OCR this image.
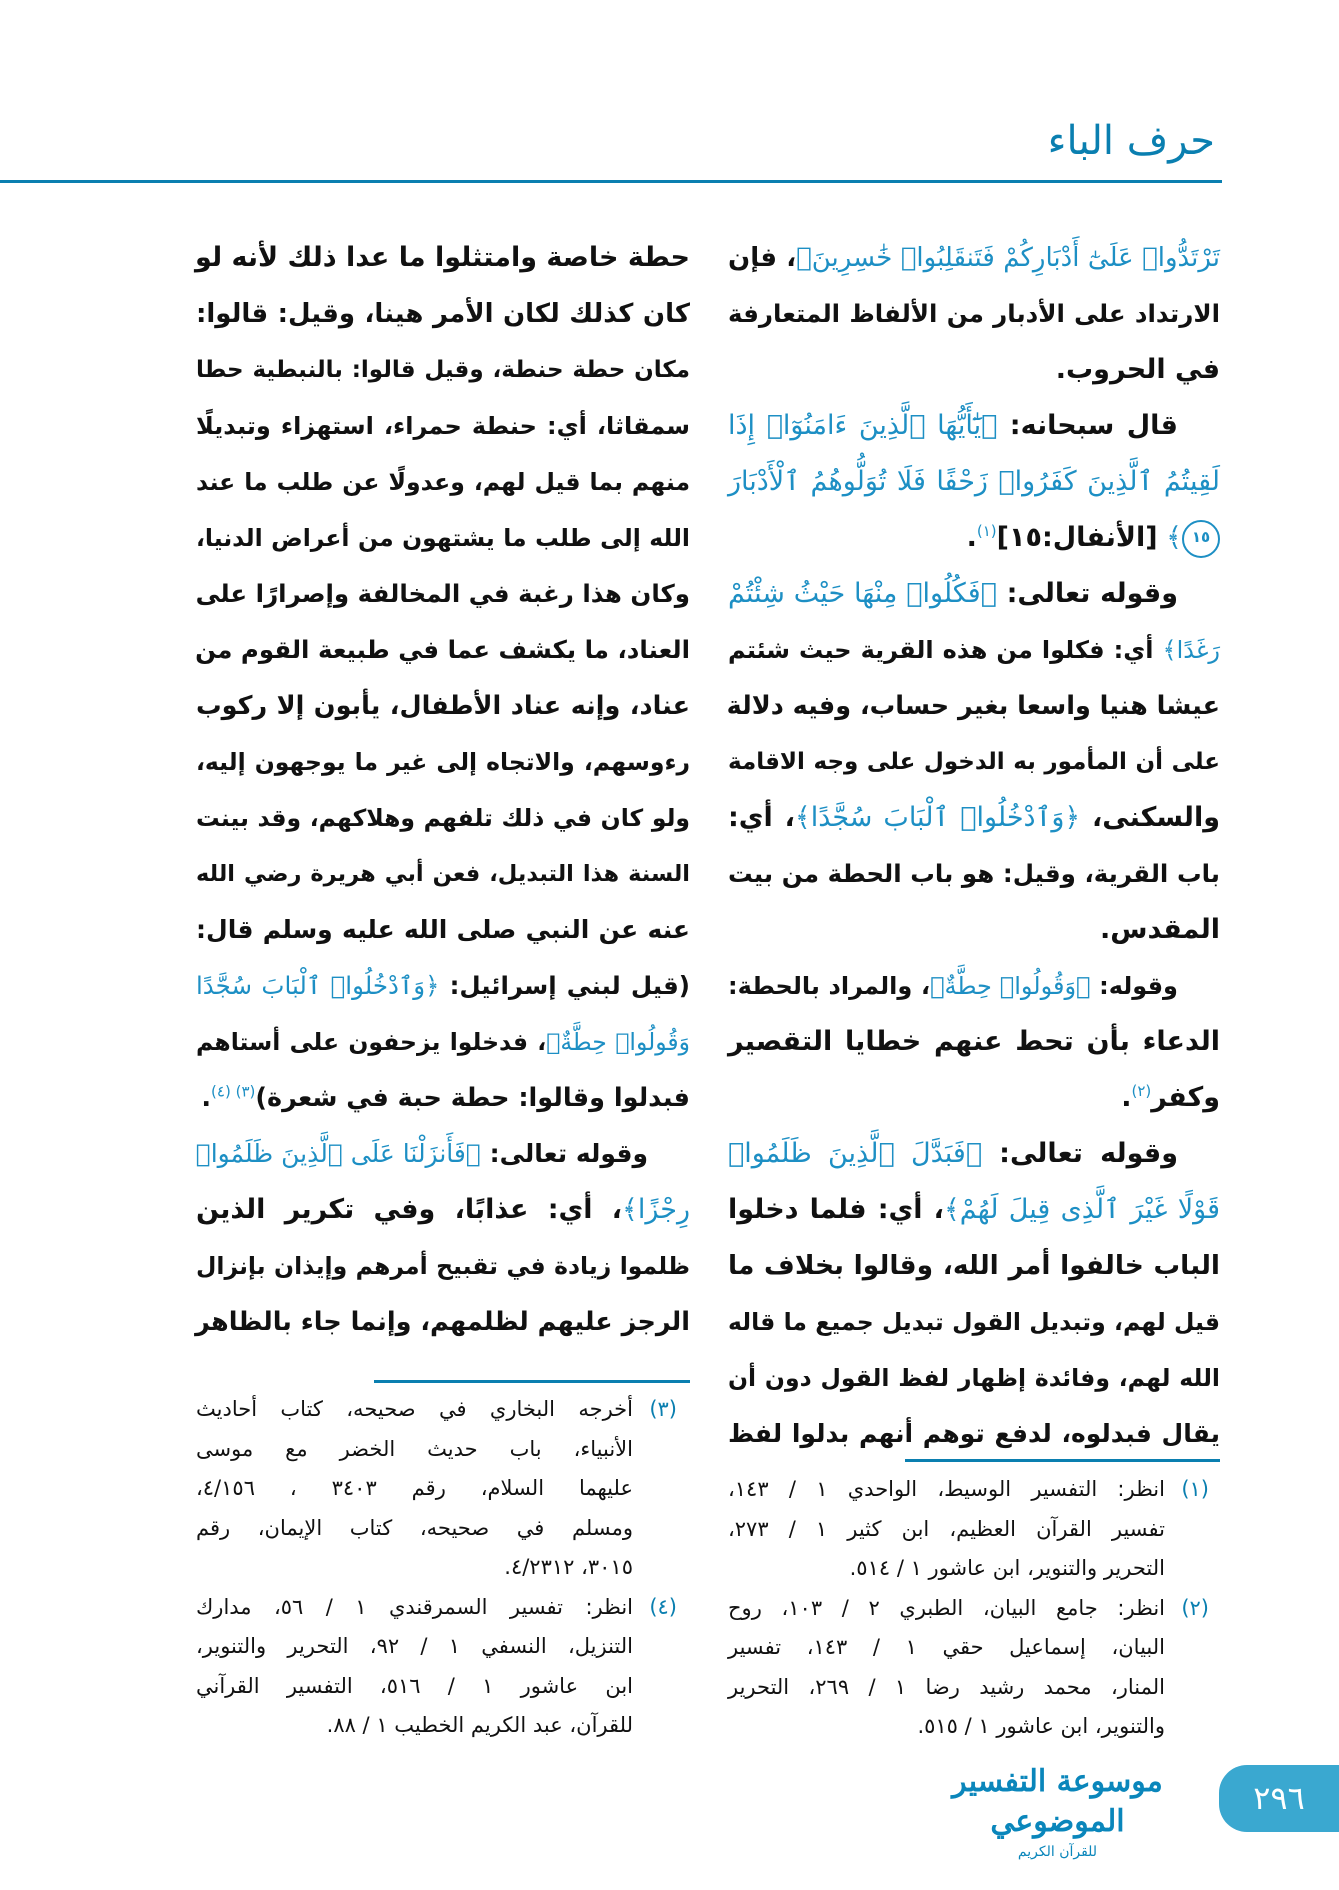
حرف الباء
تَرْتَدُّوا۟ عَلَىٰٓ أَدْبَارِكُمْ فَتَنقَلِبُوا۟ خَٰسِرِينَ﴾، فإن
الارتداد على الأدبار من الألفاظ المتعارفة
في الحروب.
قال سبحانه: ﴿يَٰٓأَيُّهَا ٱلَّذِينَ ءَامَنُوٓا۟ إِذَا
لَقِيتُمُ ٱلَّذِينَ كَفَرُوا۟ زَحْفًا فَلَا تُوَلُّوهُمُ ٱلْأَدْبَارَ
١٥﴾ [الأنفال:١٥]$^{(١)}$.
وقوله تعالى: ﴿فَكُلُوا۟ مِنْهَا حَيْثُ شِئْتُمْ
رَغَدًا﴾ أي: فكلوا من هذه القرية حيث شئتم
عيشا هنيا واسعا بغير حساب، وفيه دلالة
على أن المأمور به الدخول على وجه الاقامة
والسكنى، ﴿وَٱدْخُلُوا۟ ٱلْبَابَ سُجَّدًا﴾، أي:
باب القرية، وقيل: هو باب الحطة من بيت
المقدس.
وقوله: ﴿وَقُولُوا۟ حِطَّةٌ﴾، والمراد بالحطة:
الدعاء بأن تحط عنهم خطايا التقصير
وكفر$^{(٢)}$.
وقوله تعالى: ﴿فَبَدَّلَ ٱلَّذِينَ ظَلَمُوا۟
قَوْلًا غَيْرَ ٱلَّذِى قِيلَ لَهُمْ﴾، أي: فلما دخلوا
الباب خالفوا أمر الله، وقالوا بخلاف ما
قيل لهم، وتبديل القول تبديل جميع ما قاله
الله لهم، وفائدة إظهار لفظ القول دون أن
يقال فبدلوه، لدفع توهم أنهم بدلوا لفظ
حطة خاصة وامتثلوا ما عدا ذلك لأنه لو
كان كذلك لكان الأمر هينا، وقيل: قالوا:
مكان حطة حنطة، وقيل قالوا: بالنبطية حطا
سمقاثا، أي: حنطة حمراء، استهزاء وتبديلًا
منهم بما قيل لهم، وعدولًا عن طلب ما عند
الله إلى طلب ما يشتهون من أعراض الدنيا،
وكان هذا رغبة في المخالفة وإصرارًا على
العناد، ما يكشف عما في طبيعة القوم من
عناد، وإنه عناد الأطفال، يأبون إلا ركوب
رءوسهم، والاتجاه إلى غير ما يوجهون إليه،
ولو كان في ذلك تلفهم وهلاكهم، وقد بينت
السنة هذا التبديل، فعن أبي هريرة رضي الله
عنه عن النبي صلى الله عليه وسلم قال:
(قيل لبني إسرائيل: ﴿وَٱدْخُلُوا۟ ٱلْبَابَ سُجَّدًا
وَقُولُوا۟ حِطَّةٌ﴾، فدخلوا يزحفون على أستاهم
فبدلوا وقالوا: حطة حبة في شعرة)$^{(٣) (٤)}$.
وقوله تعالى: ﴿فَأَنزَلْنَا عَلَى ٱلَّذِينَ ظَلَمُوا۟
رِجْزًا﴾، أي: عذابًا، وفي تكرير الذين
ظلموا زيادة في تقبيح أمرهم وإيذان بإنزال
الرجز عليهم لظلمهم، وإنما جاء بالظاهر
(١)
انظر: التفسير الوسيط، الواحدي ١ / ١٤٣،
تفسير القرآن العظيم، ابن كثير ١ / ٢٧٣،
التحرير والتنوير، ابن عاشور ١ / ٥١٤.
(٢)
انظر: جامع البيان، الطبري ٢ / ١٠٣، روح
البيان، إسماعيل حقي ١ / ١٤٣، تفسير
المنار، محمد رشيد رضا ١ / ٢٦٩، التحرير
والتنوير، ابن عاشور ١ / ٥١٥.
(٣)
أخرجه البخاري في صحيحه، كتاب أحاديث
الأنبياء، باب حديث الخضر مع موسى
عليهما السلام، رقم ٣٤٠٣ ، ٤/١٥٦،
ومسلم في صحيحه، كتاب الإيمان، رقم
٣٠١٥، ٤/٢٣١٢.
(٤)
انظر: تفسير السمرقندي ١ / ٥٦، مدارك
التنزيل، النسفي ١ / ٩٢، التحرير والتنوير،
ابن عاشور ١ / ٥١٦، التفسير القرآني
للقرآن، عبد الكريم الخطيب ١ / ٨٨.
موسوعة التفسير الموضوعي
للقرآن الكريم
٢٩٦
